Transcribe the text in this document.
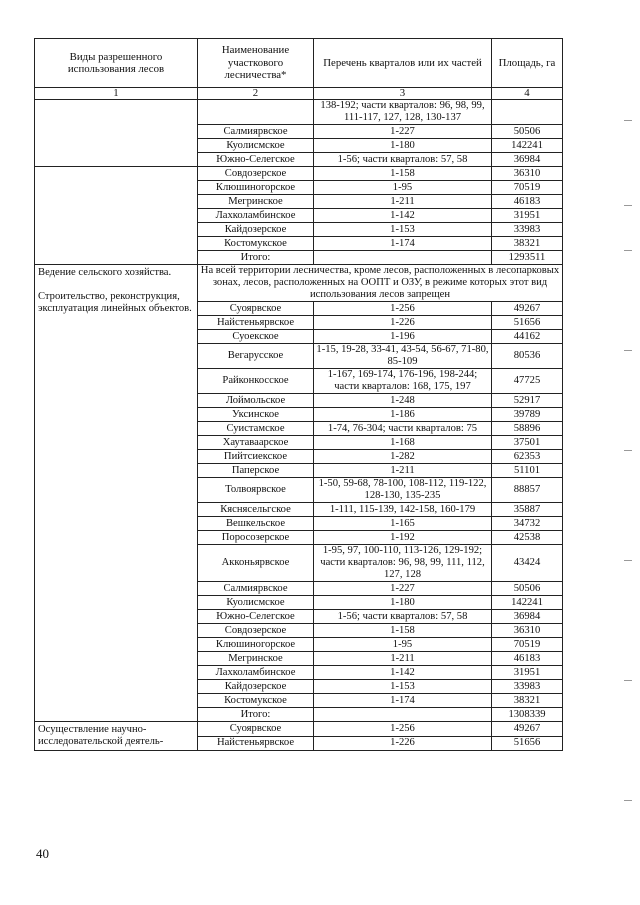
Виды разрешенного использования лесов	Наименование участкового лесничества*	Перечень кварталов или их частей	Площадь, га
1	2	3	4
		138-192; части кварталов: 96, 98, 99, 111-117, 127, 128, 130-137	
	Салмиярвское	1-227	50506
	Куолисмское	1-180	142241
	Южно-Селегское	1-56; части кварталов: 57, 58	36984
	Совдозерское	1-158	36310
	Клюшиногорское	1-95	70519
	Мегринское	1-211	46183
	Лахколамбинское	1-142	31951
	Кайдозерское	1-153	33983
	Костомукское	1-174	38321
	Итого:		1293511

Ведение сельского хозяйства.
Строительство, реконструкция, эксплуатация линейных объектов.	На всей территории лесничества, кроме лесов, расположенных в лесопарковых зонах, лесов, расположенных на ООПТ и ОЗУ, в режиме которых этот вид использования лесов запрещен		
	Суоярвское	1-256	49267
	Найстеньярвское	1-226	51656
	Суоекское	1-196	44162
	Вегарусское	1-15, 19-28, 33-41, 43-54, 56-67, 71-80, 85-109	80536
	Райконкосское	1-167, 169-174, 176-196, 198-244; части кварталов: 168, 175, 197	47725
	Лоймольское	1-248	52917
	Уксинское	1-186	39789
	Суистамское	1-74, 76-304; части кварталов: 75	58896
	Хаутаваарское	1-168	37501
	Пийтсиекское	1-282	62353
	Паперское	1-211	51101
	Толвоярвское	1-50, 59-68, 78-100, 108-112, 119-122, 128-130, 135-235	88857
	Кяснясельгское	1-111, 115-139, 142-158, 160-179	35887
	Вешкельское	1-165	34732
	Поросозерское	1-192	42538
	Акконьярвское	1-95, 97, 100-110, 113-126, 129-192; части кварталов: 96, 98, 99, 111, 112, 127, 128	43424
	Салмиярвское	1-227	50506
	Куолисмское	1-180	142241
	Южно-Селегское	1-56; части кварталов: 57, 58	36984
	Совдозерское	1-158	36310
	Клюшиногорское	1-95	70519
	Мегринское	1-211	46183
	Лахколамбинское	1-142	31951
	Кайдозерское	1-153	33983
	Костомукское	1-174	38321
	Итого:		1308339
Осуществление научно-исследовательской деятель-	Суоярвское	1-256	49267
	Найстеньярвское	1-226	51656
40
